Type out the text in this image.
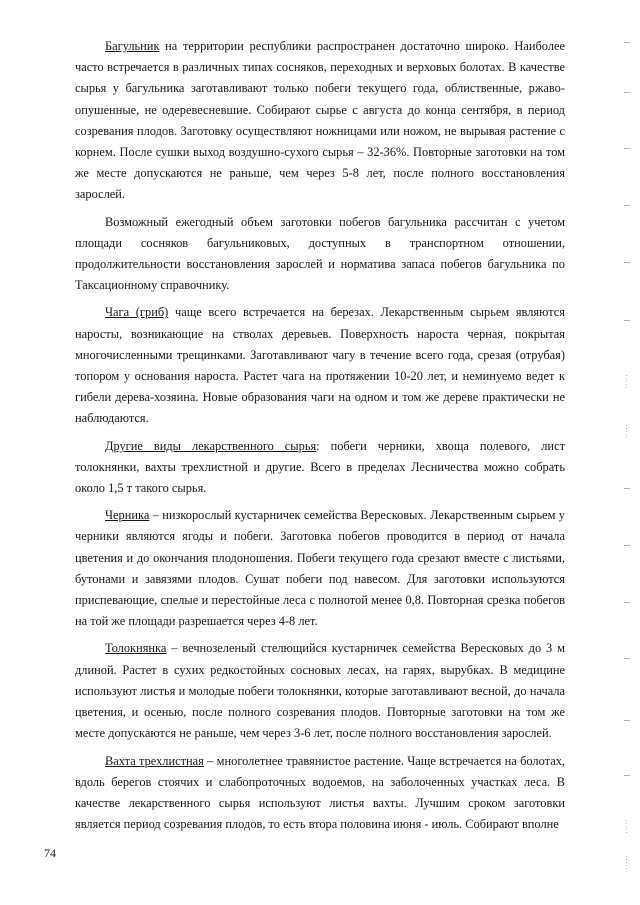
Багульник на территории республики распространен достаточно широко. Наиболее часто встречается в различных типах сосняков, переходных и верховых болотах. В качестве сырья у багульника заготавливают только побеги текущего года, облиственные, ржаво-опушенные, не одеревесневшие. Собирают сырье с августа до конца сентября, в период созревания плодов. Заготовку осуществляют ножницами или ножом, не вырывая растение с корнем. После сушки выход воздушно-сухого сырья – 32-36%. Повторные заготовки на том же месте допускаются не раньше, чем через 5-8 лет, после полного восстановления зарослей.

Возможный ежегодный объем заготовки побегов багульника рассчитан с учетом площади сосняков багульниковых, доступных в транспортном отношении, продолжительности восстановления зарослей и норматива запаса побегов багульника по Таксационному справочнику.

Чага (гриб) чаще всего встречается на березах. Лекарственным сырьем являются наросты, возникающие на стволах деревьев. Поверхность нароста черная, покрытая многочисленными трещинками. Заготавливают чагу в течение всего года, срезая (отрубая) топором у основания нароста. Растет чага на протяжении 10-20 лет, и неминуемо ведет к гибели дерева-хозяина. Новые образования чаги на одном и том же дереве практически не наблюдаются.

Другие виды лекарственного сырья: побеги черники, хвоща полевого, лист толокнянки, вахты трехлистной и другие. Всего в пределах Лесничества можно собрать около 1,5 т такого сырья.

Черника – низкорослый кустарничек семейства Вересковых. Лекарственным сырьем у черники являются ягоды и побеги. Заготовка побегов проводится в период от начала цветения и до окончания плодоношения. Побеги текущего года срезают вместе с листьями, бутонами и завязями плодов. Сушат побеги под навесом. Для заготовки используются приспевающие, спелые и перестойные леса с полнотой менее 0,8. Повторная срезка побегов на той же площади разрешается через 4-8 лет.

Толокнянка – вечнозеленый стелющийся кустарничек семейства Вересковых до 3 м длиной. Растет в сухих редкостойных сосновых лесах, на гарях, вырубках. В медицине используют листья и молодые побеги толокнянки, которые заготавливают весной, до начала цветения, и осенью, после полного созревания плодов. Повторные заготовки на том же месте допускаются не раньше, чем через 3-6 лет, после полного восстановления зарослей.

Вахта трехлистная – многолетнее травянистое растение. Чаще встречается на болотах, вдоль берегов стоячих и слабопроточных водоемов, на заболоченных участках леса. В качестве лекарственного сырья используют листья вахты. Лучшим сроком заготовки является период созревания плодов, то есть втора половина июня - июль. Собирают вполне

74
